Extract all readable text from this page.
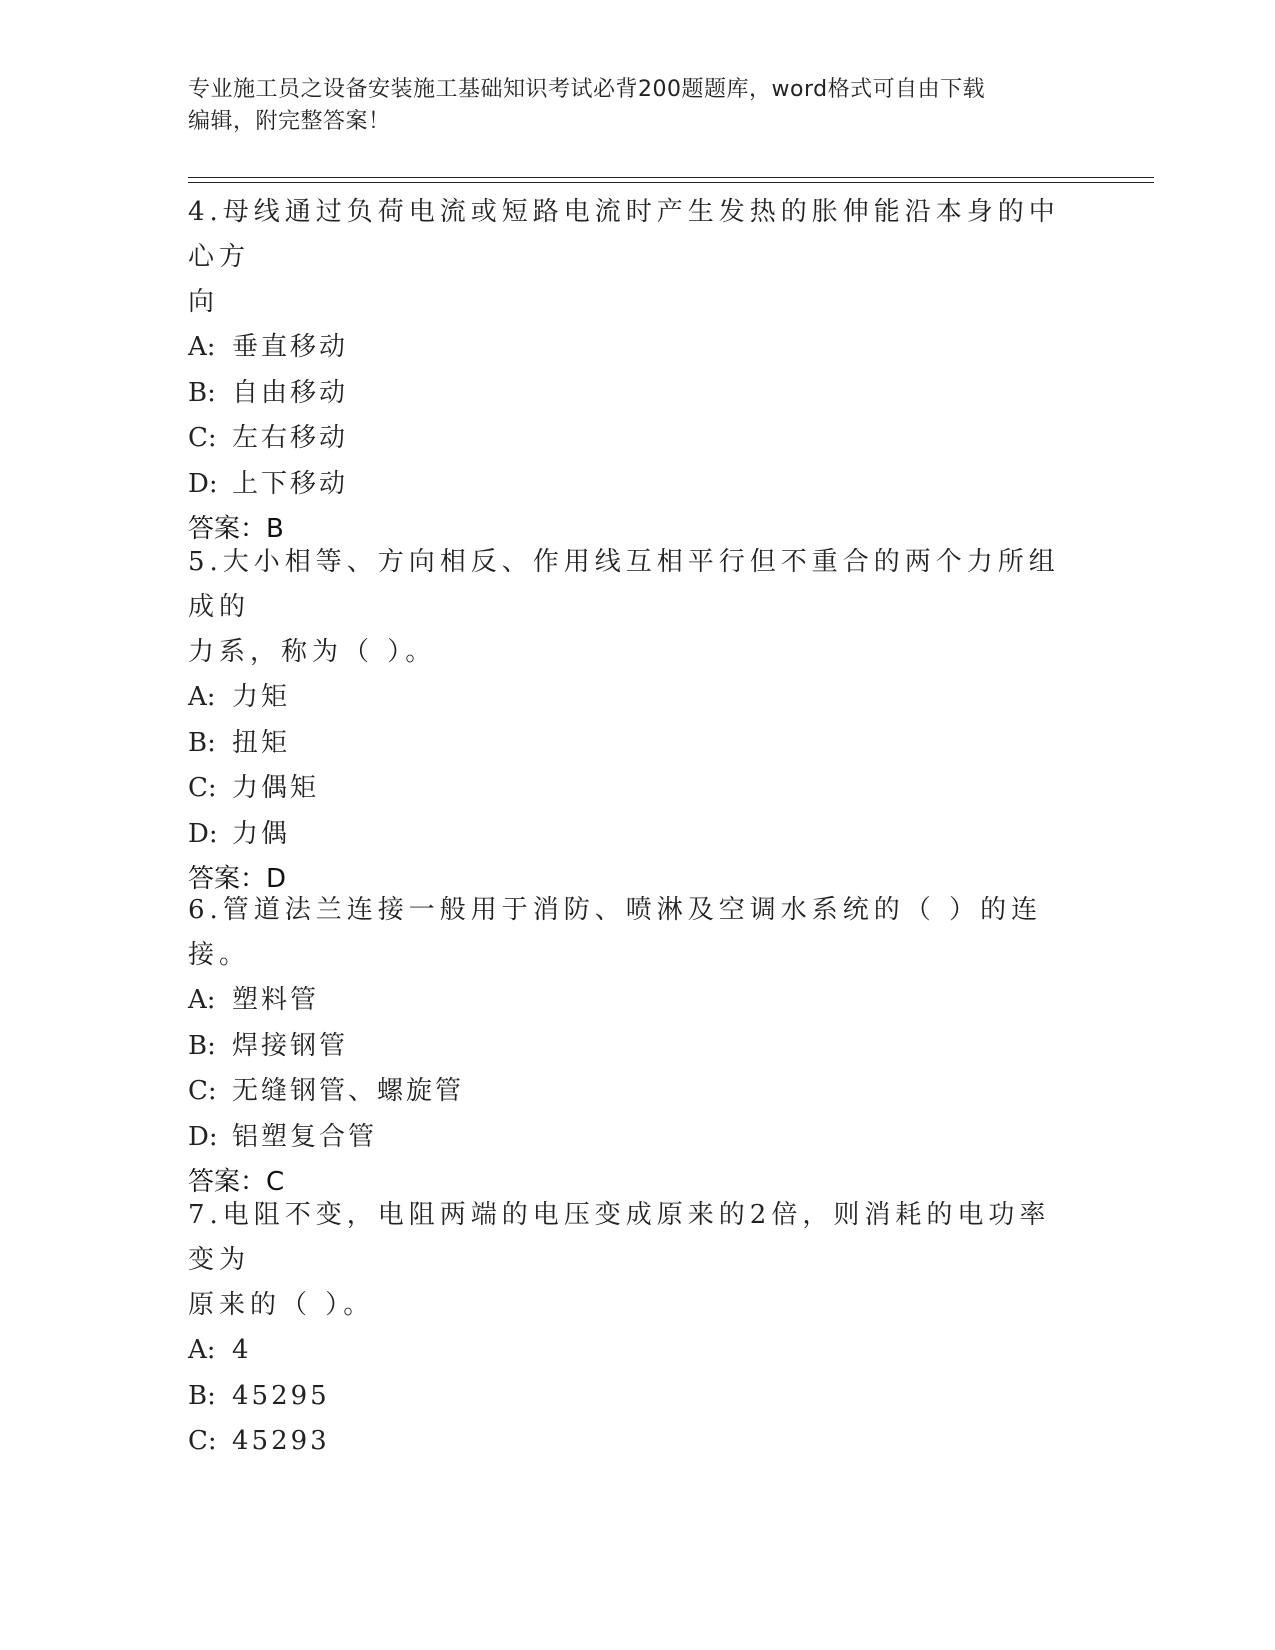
专业施工员之设备安装施工基础知识考试必背200题题库，word格式可自由下载
编辑，附完整答案！

4.母线通过负荷电流或短路电流时产生发热的胀伸能沿本身的中心方
向

A: 垂直移动

B: 自由移动

C: 左右移动

D: 上下移动

答案：B

5.大小相等、方向相反、作用线互相平行但不重合的两个力所组成的
力系，称为（ ）。

A: 力矩

B: 扭矩

C: 力偶矩

D: 力偶

答案：D

6.管道法兰连接一般用于消防、喷淋及空调水系统的（ ）的连接。

A: 塑料管

B: 焊接钢管

C: 无缝钢管、螺旋管

D: 铝塑复合管

答案：C

7.电阻不变，电阻两端的电压变成原来的2倍，则消耗的电功率变为
原来的（ ）。

A: 4

B: 45295

C: 45293
